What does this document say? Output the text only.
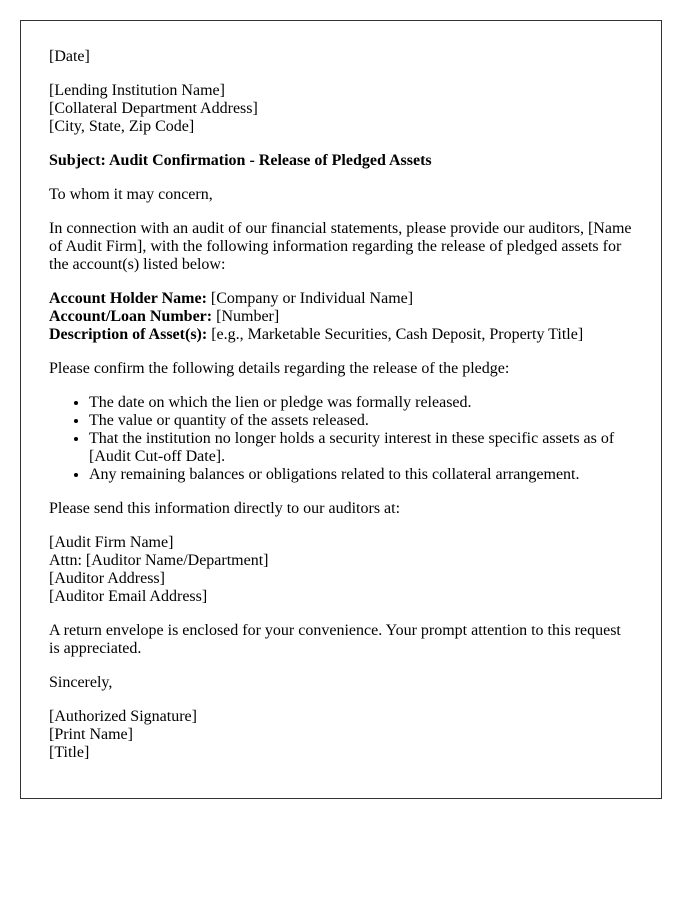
[Date]

[Lending Institution Name]
[Collateral Department Address]
[City, State, Zip Code]

Subject: Audit Confirmation - Release of Pledged Assets

To whom it may concern,

In connection with an audit of our financial statements, please provide our auditors, [Name of Audit Firm], with the following information regarding the release of pledged assets for the account(s) listed below:

Account Holder Name: [Company or Individual Name]
Account/Loan Number: [Number]
Description of Asset(s): [e.g., Marketable Securities, Cash Deposit, Property Title]

Please confirm the following details regarding the release of the pledge:

• The date on which the lien or pledge was formally released.
• The value or quantity of the assets released.
• That the institution no longer holds a security interest in these specific assets as of [Audit Cut-off Date].
• Any remaining balances or obligations related to this collateral arrangement.

Please send this information directly to our auditors at:

[Audit Firm Name]
Attn: [Auditor Name/Department]
[Auditor Address]
[Auditor Email Address]

A return envelope is enclosed for your convenience. Your prompt attention to this request is appreciated.

Sincerely,

[Authorized Signature]
[Print Name]
[Title]
